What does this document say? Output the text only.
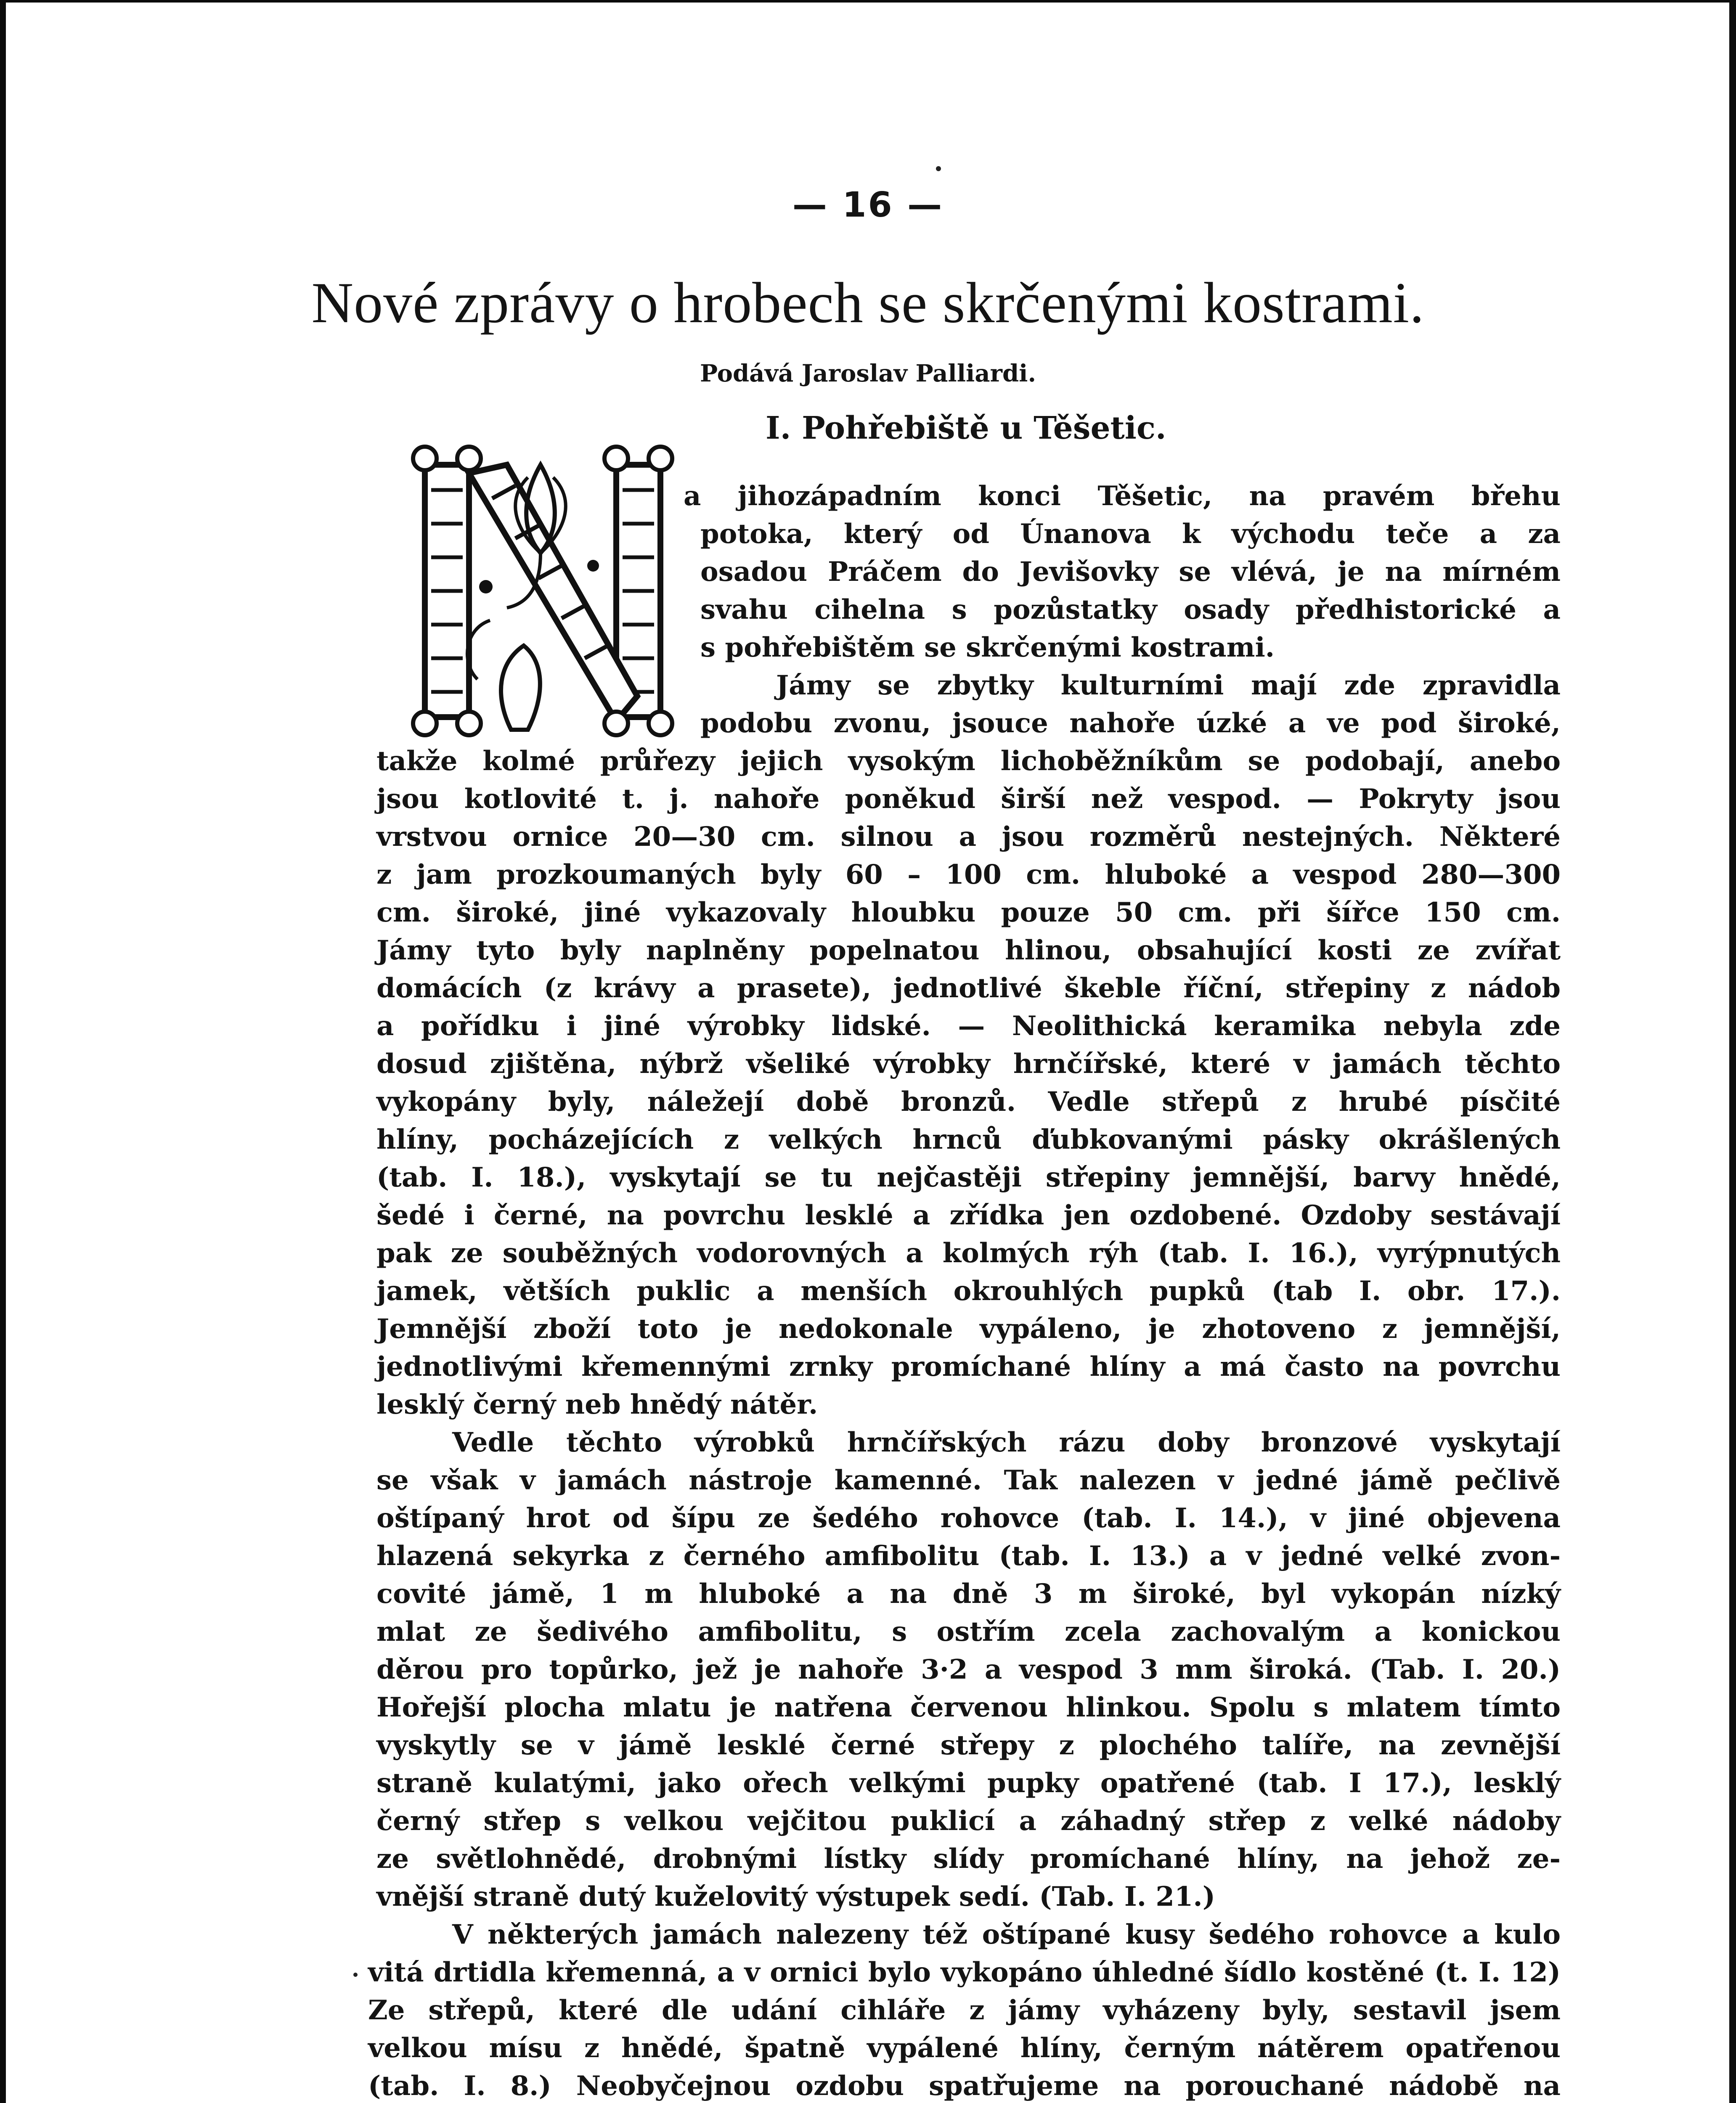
— 16 —
Nové zprávy o hrobech se skrčenými kostrami.
Podává Jaroslav Palliardi.
I. Pohřebiště u Těšetic.
a jihozápadním konci Těšetic, na pravém břehu
potoka, který od Únanova k východu teče a za
osadou Práčem do Jevišovky se vlévá, je na mírném
svahu cihelna s pozůstatky osady předhistorické a
s pohřebištěm se skrčenými kostrami.
Jámy se zbytky kulturními mají zde zpravidla
podobu zvonu, jsouce nahoře úzké a ve pod široké,
takže kolmé průřezy jejich vysokým lichoběžníkům se podobají, anebo
jsou kotlovité t. j. nahoře poněkud širší než vespod. — Pokryty jsou
vrstvou ornice 20—30 cm. silnou a jsou rozměrů nestejných. Některé
z jam prozkoumaných byly 60 – 100 cm. hluboké a vespod 280—300
cm. široké, jiné vykazovaly hloubku pouze 50 cm. při šířce 150 cm.
Jámy tyto byly naplněny popelnatou hlinou, obsahující kosti ze zvířat
domácích (z krávy a prasete), jednotlivé škeble říční, střepiny z nádob
a pořídku i jiné výrobky lidské. — Neolithická keramika nebyla zde
dosud zjištěna, nýbrž všeliké výrobky hrnčířské, které v jamách těchto
vykopány byly, náležejí době bronzů. Vedle střepů z hrubé písčité
hlíny, pocházejících z velkých hrnců ďubkovanými pásky okrášlených
(tab. I. 18.), vyskytají se tu nejčastěji střepiny jemnější, barvy hnědé,
šedé i černé, na povrchu lesklé a zřídka jen ozdobené. Ozdoby sestávají
pak ze souběžných vodorovných a kolmých rýh (tab. I. 16.), vyrýpnutých
jamek, větších puklic a menších okrouhlých pupků (tab I. obr. 17.).
Jemnější zboží toto je nedokonale vypáleno, je zhotoveno z jemnější,
jednotlivými křemennými zrnky promíchané hlíny a má často na povrchu
lesklý černý neb hnědý nátěr.
Vedle těchto výrobků hrnčířských rázu doby bronzové vyskytají
se však v jamách nástroje kamenné. Tak nalezen v jedné jámě pečlivě
oštípaný hrot od šípu ze šedého rohovce (tab. I. 14.), v jiné objevena
hlazená sekyrka z černého amfibolitu (tab. I. 13.) a v jedné velké zvon-
covité jámě, 1 m hluboké a na dně 3 m široké, byl vykopán nízký
mlat ze šedivého amfibolitu, s ostřím zcela zachovalým a konickou
děrou pro topůrko, jež je nahoře 3·2 a vespod 3 mm široká. (Tab. I. 20.)
Hořejší plocha mlatu je natřena červenou hlinkou. Spolu s mlatem tímto
vyskytly se v jámě lesklé černé střepy z plochého talíře, na zevnější
straně kulatými, jako ořech velkými pupky opatřené (tab. I 17.), lesklý
černý střep s velkou vejčitou puklicí a záhadný střep z velké nádoby
ze světlohnědé, drobnými lístky slídy promíchané hlíny, na jehož ze-
vnější straně dutý kuželovitý výstupek sedí. (Tab. I. 21.)
V některých jamách nalezeny též oštípané kusy šedého rohovce a kulo
vitá drtidla křemenná, a v ornici bylo vykopáno úhledné šídlo kostěné (t. I. 12)
Ze střepů, které dle udání cihláře z jámy vyházeny byly, sestavil jsem
velkou mísu z hnědé, špatně vypálené hlíny, černým nátěrem opatřenou
(tab. I. 8.) Neobyčejnou ozdobu spatřujeme na porouchané nádobě na
